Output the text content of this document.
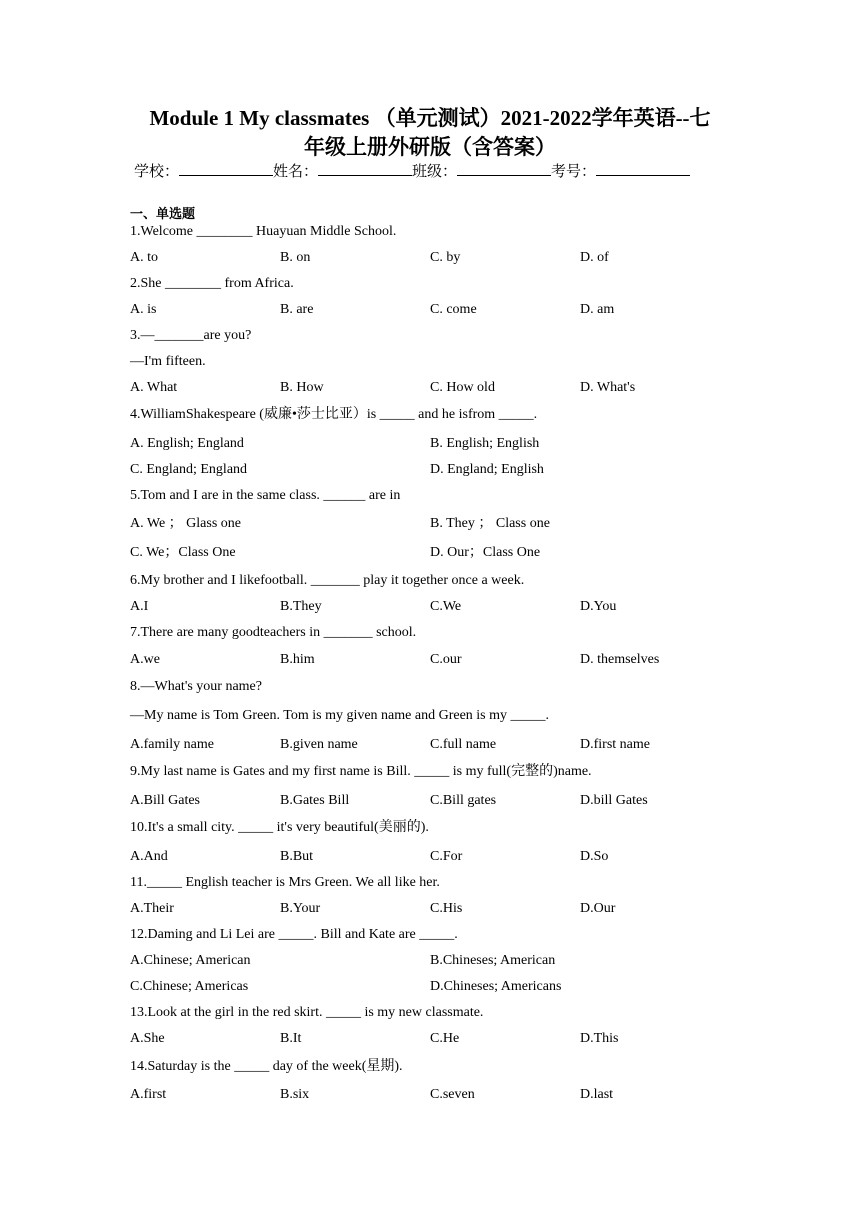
Module 1 My classmates （单元测试）2021-2022学年英语--七
年级上册外研版（含答案）
学校：	姓名：	班级：	考号：
一、单选题
1.Welcome ________ Huayuan Middle School.
A. to	B. on	C. by	D. of
2.She ________ from Africa.
A. is	B. are	C. come	D. am
3.—_______are you?
—I'm fifteen.
A. What	B. How	C. How old	D. What's
4.WilliamShakespeare (威廉•莎士比亚）is _____ and he isfrom _____.
A. English; England	B. English; English
C. England; England	D. England; English
5.Tom and I are in the same class. ______ are in
A. We ； Glass one	B. They ； Class one
C. We；Class One	D. Our；Class One
6.My brother and I likefootball. _______ play it together once a week.
A.I	B.They	C.We	D.You
7.There are many goodteachers in _______ school.
A.we	B.him	C.our	D. themselves
8.—What's your name?
—My name is Tom Green. Tom is my given name and Green is my _____.
A.family name	B.given name	C.full name	D.first name
9.My last name is Gates and my first name is Bill. _____ is my full(完整的)name.
A.Bill Gates	B.Gates Bill	C.Bill gates	D.bill Gates
10.It's a small city. _____ it's very beautiful(美丽的).
A.And	B.But	C.For	D.So
11._____ English teacher is Mrs Green. We all like her.
A.Their	B.Your	C.His	D.Our
12.Daming and Li Lei are _____. Bill and Kate are _____.
A.Chinese; American	B.Chineses; American
C.Chinese; Americas	D.Chineses; Americans
13.Look at the girl in the red skirt. _____ is my new classmate.
A.She	B.It	C.He	D.This
14.Saturday is the _____ day of the week(星期).
A.first	B.six	C.seven	D.last
